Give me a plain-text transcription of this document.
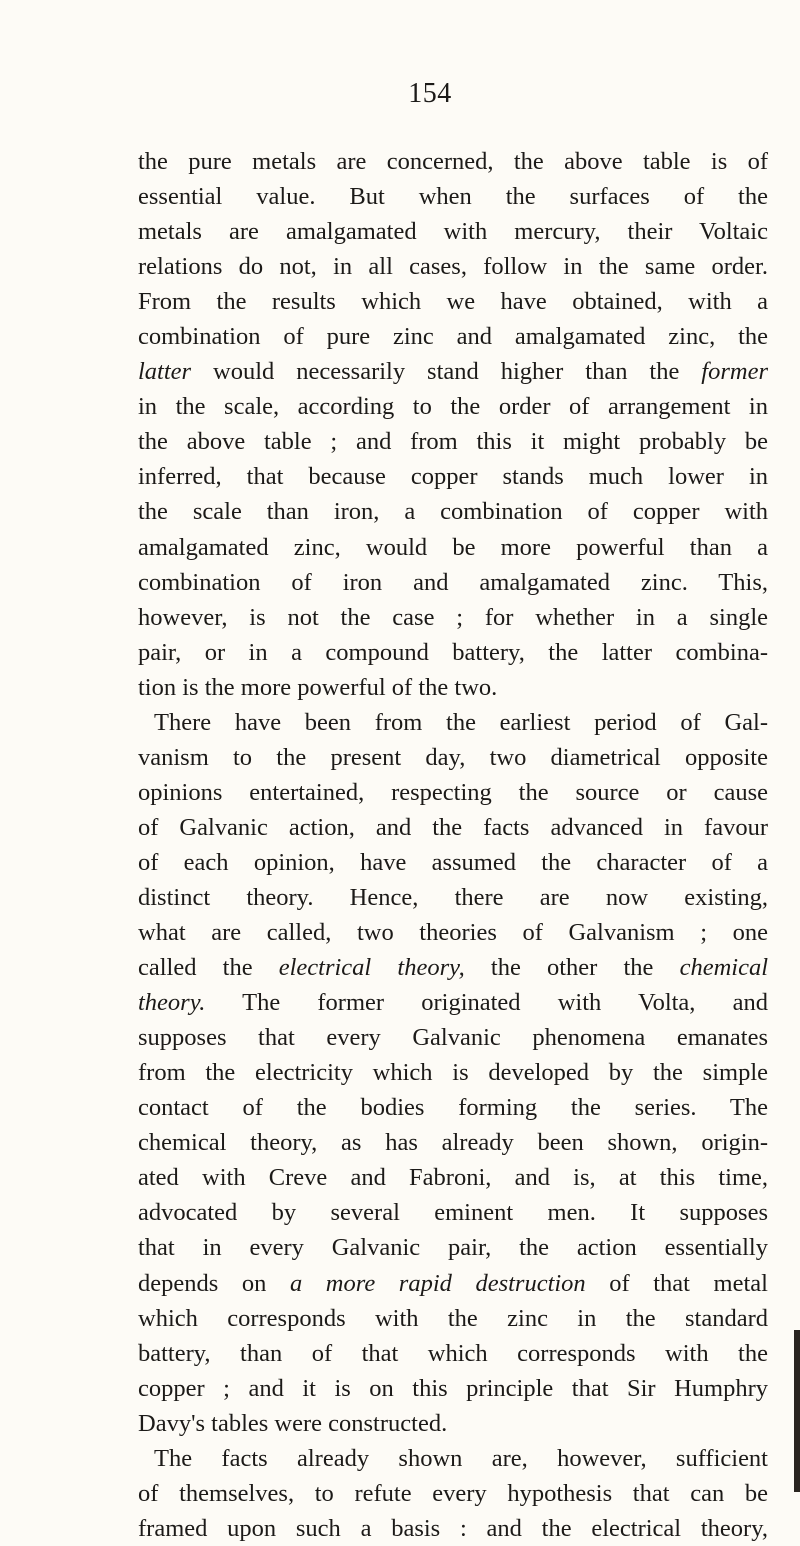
154
the pure metals are concerned, the above table is of
essential value. But when the surfaces of the
metals are amalgamated with mercury, their Voltaic
relations do not, in all cases, follow in the same order.
From the results which we have obtained, with a
combination of pure zinc and amalgamated zinc, the
latter would necessarily stand higher than the former
in the scale, according to the order of arrangement in
the above table ; and from this it might probably be
inferred, that because copper stands much lower in
the scale than iron, a combination of copper with
amalgamated zinc, would be more powerful than a
combination of iron and amalgamated zinc. This,
however, is not the case ; for whether in a single
pair, or in a compound battery, the latter combina-
tion is the more powerful of the two.
There have been from the earliest period of Gal-
vanism to the present day, two diametrical opposite
opinions entertained, respecting the source or cause
of Galvanic action, and the facts advanced in favour
of each opinion, have assumed the character of a
distinct theory. Hence, there are now existing,
what are called, two theories of Galvanism ; one
called the electrical theory, the other the chemical
theory. The former originated with Volta, and
supposes that every Galvanic phenomena emanates
from the electricity which is developed by the simple
contact of the bodies forming the series. The
chemical theory, as has already been shown, origin-
ated with Creve and Fabroni, and is, at this time,
advocated by several eminent men. It supposes
that in every Galvanic pair, the action essentially
depends on a more rapid destruction of that metal
which corresponds with the zinc in the standard
battery, than of that which corresponds with the
copper ; and it is on this principle that Sir Humphry
Davy's tables were constructed.
The facts already shown are, however, sufficient
of themselves, to refute every hypothesis that can be
framed upon such a basis : and the electrical theory,
